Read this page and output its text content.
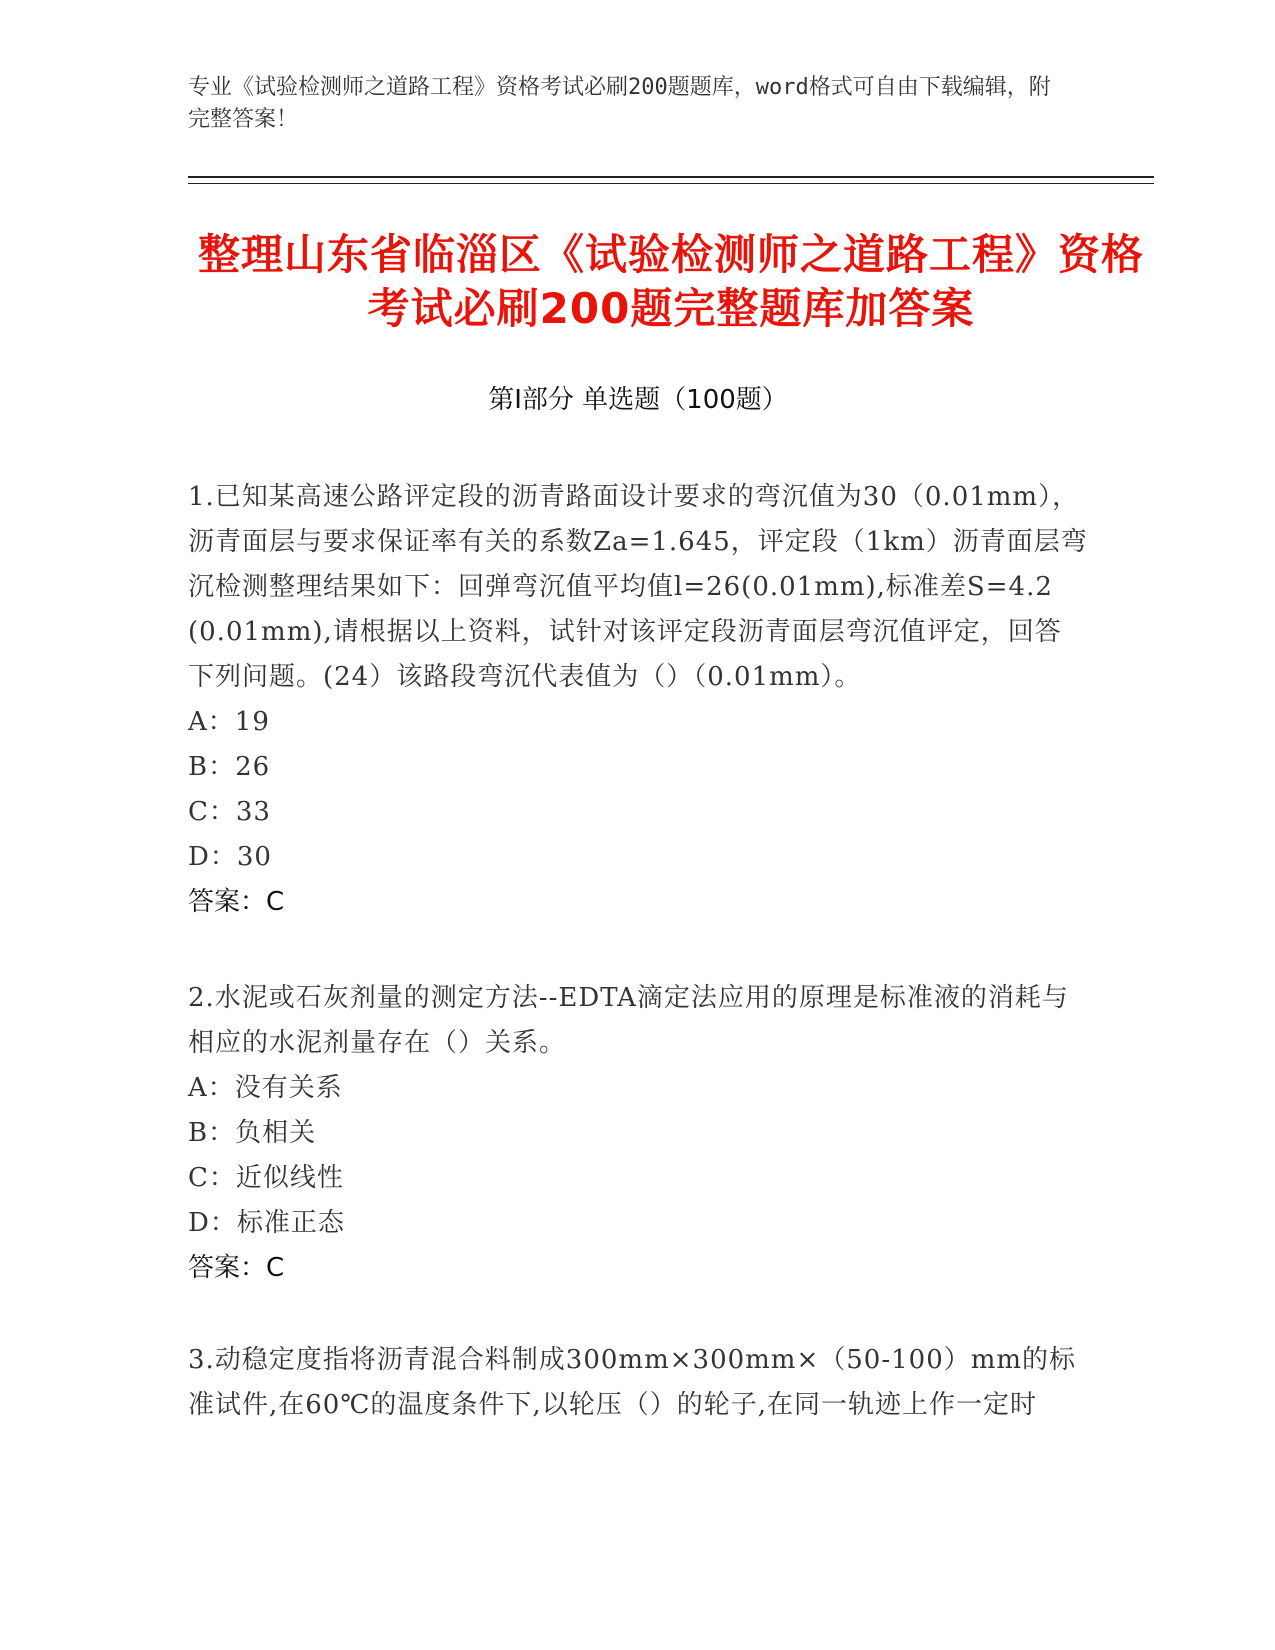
专业《试验检测师之道路工程》资格考试必刷200题题库，word格式可自由下载编辑，附完整答案！
整理山东省临淄区《试验检测师之道路工程》资格考试必刷200题完整题库加答案
第Ⅰ部分 单选题（100题）

1.已知某高速公路评定段的沥青路面设计要求的弯沉值为30（0.01mm），沥青面层与要求保证率有关的系数Za=1.645，评定段（1km）沥青面层弯沉检测整理结果如下：回弹弯沉值平均值l=26(0.01mm),标准差S=4.2(0.01mm),请根据以上资料，试针对该评定段沥青面层弯沉值评定，回答下列问题。(24）该路段弯沉代表值为（）（0.01mm）。

A：19
B：26
C：33
D：30
答案：C

2.水泥或石灰剂量的测定方法--EDTA滴定法应用的原理是标准液的消耗与相应的水泥剂量存在（）关系。

A：没有关系
B：负相关
C：近似线性
D：标准正态
答案：C

3.动稳定度指将沥青混合料制成300mm×300mm×（50-100）mm的标准试件,在60℃的温度条件下,以轮压（）的轮子,在同一轨迹上作一定时
